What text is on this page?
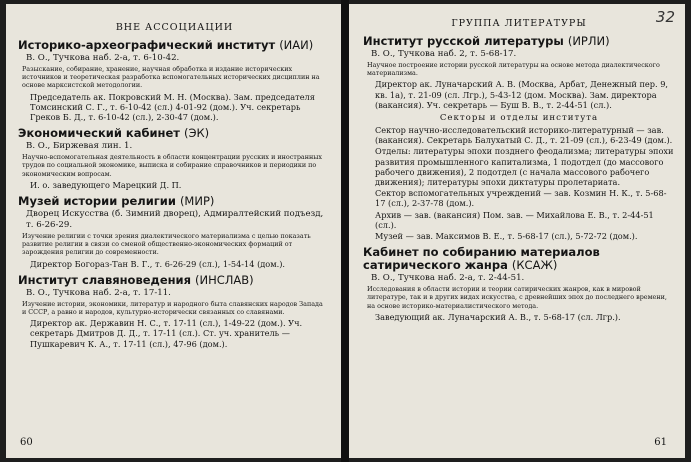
ВНЕ АССОЦИАЦИИ
Историко-археографический институт (ИАИ)
В. О., Тучкова наб. 2-а, т. 6-10-42.
Разыскание, собирание, хранение, научная обработка и издание исторических источников и теоретическая разработка вспомогательных исторических дисциплин на основе марксистской методологии.
Председатель ак. Покровский М. Н. (Москва). Зам. председателя Томсинский С. Г., т. 6-10-42 (сл.) 4-01-92 (дом.). Уч. секретарь Греков Б. Д., т. 6-10-42 (сл.), 2-30-47 (дом.).
Экономический кабинет (ЭК)
В. О., Биржевая лин. 1.
Научно-вспомогательная деятельность в области концентрации русских и иностранных трудов по социальной экономике, выписка и собирание справочников и периодики по экономическим вопросам.
И. о. заведующего Марецкий Д. П.
Музей истории религии (МИР)
Дворец Искусства (б. Зимний дворец), Адмиралтейский подъезд, т. 6-26-29.
Изучение религии с точки зрения диалектического материализма с целью показать развитие религии в связи со сменой общественно-экономических формаций от зарождения религии до современности.
Директор Богораз-Тан В. Г., т. 6-26-29 (сл.), 1-54-14 (дом.).
Институт славяноведения (ИНСЛАВ)
В. О., Тучкова наб. 2-а, т. 17-11.
Изучение истории, экономики, литератур и народного быта славянских народов Запада и СССР, а равно и народов, культурно-исторически связанных со славянами.
Директор ак. Державин Н. С., т. 17-11 (сл.), 1-49-22 (дом.). Уч. секретарь Дмитров Д. Д., т. 17-11 (сл.). Ст. уч. хранитель — Пушкаревич К. А., т. 17-11 (сл.), 47-96 (дом.).
60
32
ГРУППА ЛИТЕРАТУРЫ
Институт русской литературы (ИРЛИ)
В. О., Тучкова наб. 2, т. 5-68-17.
Научное построение истории русской литературы на основе метода диалектического материализма.
Директор ак. Луначарский А. В. (Москва, Арбат, Денежный пер. 9, кв. 1а), т. 21-09 (сл. Лгр.), 5-43-12 (дом. Москва). Зам. директора (вакансия). Уч. секретарь — Буш В. В., т. 2-44-51 (сл.).
Секторы и отделы института
Сектор научно-исследовательский историко-литературный — зав. (вакансия). Секретарь Балухатый С. Д., т. 21-09 (сл.), 6-23-49 (дом.).
Отделы: литературы эпохи позднего феодализма; литературы эпохи развития промышленного капитализма, 1 подотдел (до массового рабочего движения), 2 подотдел (с начала массового рабочего движения); литературы эпохи диктатуры пролетариата.
Сектор вспомогательных учреждений — зав. Козмин Н. К., т. 5-68-17 (сл.), 2-37-78 (дом.).
Архив — зав. (вакансия) Пом. зав. — Михайлова Е. В., т. 2-44-51 (сл.).
Музей — зав. Максимов В. Е., т. 5-68-17 (сл.), 5-72-72 (дом.).
Кабинет по собиранию материалов сатирического жанра (КСАЖ)
В. О., Тучкова наб. 2-а, т. 2-44-51.
Исследования в области истории и теории сатирических жанров, как в мировой литературе, так и в других видах искусства, с древнейших эпох до последнего времени, на основе историко-материалистического метода.
Заведующий ак. Луначарский А. В., т. 5-68-17 (сл. Лгр.).
61
